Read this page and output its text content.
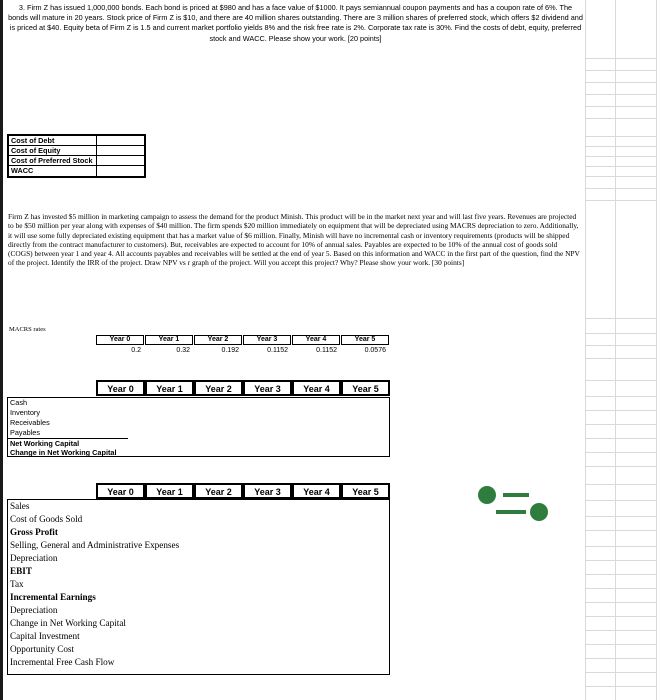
3. Firm Z has issued 1,000,000 bonds. Each bond is priced at $980 and has a face value of $1000. It pays semiannual coupon payments and has a coupon rate of 6%. The bonds will mature in 20 years. Stock price of Firm Z is $10, and there are 40 million shares outstanding. There are 3 million shares of preferred stock, which offers $2 dividend and is priced at $40. Equity beta of Firm Z is 1.5 and current market portfolio yields 8% and the risk free rate is 2%. Corporate tax rate is 30%. Find the costs of debt, equity, preferred stock and WACC. Please show your work. [20 points]
Cost of Debt
Cost of Equity
Cost of Preferred Stock
WACC
Firm Z has invested $5 million in marketing campaign to assess the demand for the product Minish. This product will be in the market next year and will last five years. Revenues are projected to be $50 million per year along with expenses of $40 million. The firm spends $20 million immediately on equipment that will be depreciated using MACRS depreciation to zero. Additionally, it will use some fully depreciated existing equipment that has a market value of $6 million. Finally, Minish will have no incremental cash or inventory requirements (products will be shipped directly from the contract manufacturer to customers). But, receivables are expected to account for 10% of annual sales. Payables are expected to be 10% of the annual cost of goods sold (COGS) between year 1 and year 4. All accounts payables and receivables will be settled at the end of year 5. Based on this information and WACC in the first part of the question, find the NPV of the project. Identify the IRR of the project. Draw NPV vs r graph of the project. Will you accept this project? Why? Please show your work. [30 points]
MACRS rates
Year 0	Year 1	Year 2	Year 3	Year 4	Year 5
0.2	0.32	0.192	0.1152	0.1152	0.0576
Year 0	Year 1	Year 2	Year 3	Year 4	Year 5
Cash
Inventory
Receivables
Payables
Net Working Capital
Change in Net Working Capital
Year 0	Year 1	Year 2	Year 3	Year 4	Year 5
Sales
Cost of Goods Sold
Gross Profit
Selling, General and Administrative Expenses
Depreciation
EBIT
Tax
Incremental Earnings
Depreciation
Change in Net Working Capital
Capital Investment
Opportunity Cost
Incremental Free Cash Flow
